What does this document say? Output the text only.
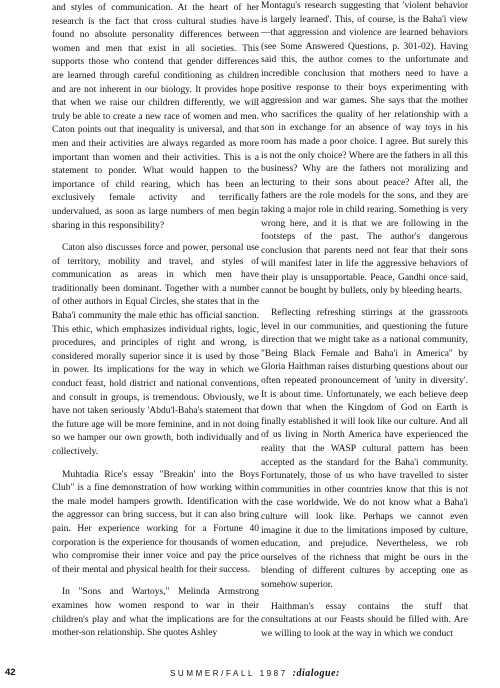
and styles of communication. At the heart of her research is the fact that cross cultural studies have found no absolute personality differences between women and men that exist in all societies. This supports those who contend that gender differences are learned through careful conditioning as children and are not inherent in our biology. It provides hope that when we raise our children differently, we will truly be able to create a new race of women and men. Caton points out that inequality is universal, and that men and their activities are always regarded as more important than women and their activities. This is a statement to ponder. What would happen to the importance of child rearing, which has been an exclusively female activity and terrifically undervalued, as soon as large numbers of men begin sharing in this responsibility?

Caton also discusses force and power, personal use of territory, mobility and travel, and styles of communication as areas in which men have traditionally been dominant. Together with a number of other authors in Equal Circles, she states that in the Baha'i community the male ethic has official sanction. This ethic, which emphasizes individual rights, logic, procedures, and principles of right and wrong, is considered morally superior since it is used by those in power. Its implications for the way in which we conduct feast, hold district and national conventions, and consult in groups, is tremendous. Obviously, we have not taken seriously 'Abdu'l-Baha's statement that the future age will be more feminine, and in not doing so we hamper our own growth, both individually and collectively.

Muhtadia Rice's essay "Breakin' into the Boys Club" is a fine demonstration of how working within the male model hampers growth. Identification with the aggressor can bring success, but it can also bring pain. Her experience working for a Fortune 40 corporation is the experience for thousands of women who compromise their inner voice and pay the price of their mental and physical health for their success.

In "Sons and Wartoys," Melinda Armstrong examines how women respond to war in their children's play and what the implications are for the mother-son relationship. She quotes Ashley

Montagu's research suggesting that 'violent behavior is largely learned'. This, of course, is the Baha'i view—that aggression and violence are learned behaviors (see Some Answered Questions, p. 301-02). Having said this, the author comes to the unfortunate and incredible conclusion that mothers need to have a positive response to their boys experimenting with aggression and war games. She says that the mother who sacrifices the quality of her relationship with a son in exchange for an absence of way toys in his room has made a poor choice. I agree. But surely this is not the only choice? Where are the fathers in all this business? Why are the fathers not moralizing and lecturing to their sons about peace? After all, the fathers are the role models for the sons, and they are taking a major role in child rearing. Something is very wrong here, and it is that we are following in the footsteps of the past. The author's dangerous conclusion that parents need not fear that their sons will manifest later in life the aggressive behaviors of their play is unsupportable. Peace, Gandhi once said, cannot be bought by bullets, only by bleeding hearts.

Reflecting refreshing stirrings at the grassroots level in our communities, and questioning the future direction that we might take as a national community, "Being Black Female and Baha'i in America" by Gloria Haithman raises disturbing questions about our often repeated pronouncement of 'unity in diversity'. It is about time. Unfortunately, we each believe deep down that when the Kingdom of God on Earth is finally established it will look like our culture. And all of us living in North America have experienced the reality that the WASP cultural pattern has been accepted as the standard for the Baha'i community. Fortunately, those of us who have travelled to sister communities in other countries know that this is not the case worldwide. We do not know what a Baha'i culture will look like. Perhaps we cannot even imagine it due to the limitations imposed by culture, education, and prejudice. Nevertheless, we rob ourselves of the richness that might be ours in the blending of different cultures by accepting one as somehow superior.

Haithman's essay contains the stuff that consultations at our Feasts should be filled with. Are we willing to look at the way in which we conduct

42	SUMMER/FALL 1987 :dialogue:
